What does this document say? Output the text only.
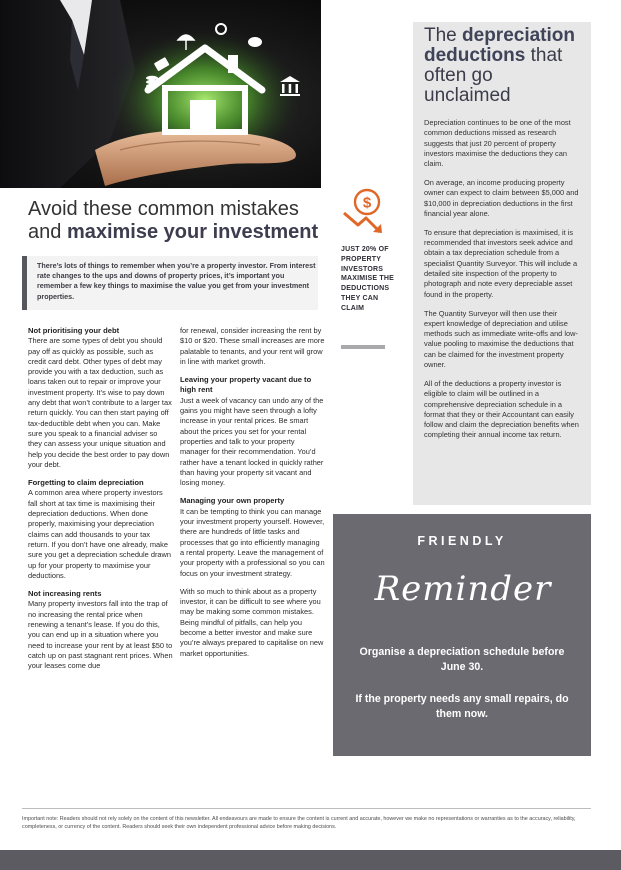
Avoid these common mistakes and maximise your investment

There’s lots of things to remember when you’re a property investor. From interest rate changes to the ups and downs of property prices, it’s important you remember a few key things to maximise the value you get from your investment properties.

Not prioritising your debt

There are some types of debt you should pay off as quickly as possible, such as credit card debt. Other types of debt may provide you with a tax deduction, such as loans taken out to repair or improve your investment property. It’s wise to pay down any debt that won’t contribute to a larger tax return quickly. You can then start paying off tax-deductible debt when you can. Make sure you speak to a financial adviser so they can assess your unique situation and help you decide the best order to pay down your debt.

Forgetting to claim depreciation

A common area where property investors fall short at tax time is maximising their depreciation deductions. When done properly, maximising your depreciation claims can add thousands to your tax return. If you don’t have one already, make sure you get a depreciation schedule drawn up for your property to maximise your deductions.

Not increasing rents

Many property investors fall into the trap of no increasing the rental price when renewing a tenant’s lease. If you do this, you can end up in a situation where you need to increase your rent by at least $50 to catch up on past stagnant rent prices. When your leases come due

for renewal, consider increasing the rent by $10 or $20. These small increases are more palatable to tenants, and your rent will grow in line with market growth.

Leaving your property vacant due to high rent

Just a week of vacancy can undo any of the gains you might have seen through a lofty increase in your rental prices. Be smart about the prices you set for your rental properties and talk to your property manager for their recommendation. You’d rather have a tenant locked in quickly rather than having your property sit vacant and losing money.

Managing your own property

It can be tempting to think you can manage your investment property yourself. However, there are hundreds of little tasks and processes that go into efficiently managing a rental property. Leave the management of your property with a professional so you can focus on your investment strategy.

With so much to think about as a property investor, it can be difficult to see where you may be making some common mistakes. Being mindful of pitfalls, can help you become a better investor and make sure you’re always prepared to capitalise on new market opportunities.

$
JUST 20% OF PROPERTY INVESTORS MAXIMISE THE DEDUCTIONS THEY CAN CLAIM
The depreciation deductions that often go unclaimed

Depreciation continues to be one of the most common deductions missed as research suggests that just 20 percent of property investors maximise the deductions they can claim.

On average, an income producing property owner can expect to claim between $5,000 and $10,000 in depreciation deductions in the first financial year alone.

To ensure that depreciation is maximised, it is recommended that investors seek advice and obtain a tax depreciation schedule from a specialist Quantity Surveyor. This will include a detailed site inspection of the property to photograph and note every depreciable asset found in the property.

The Quantity Surveyor will then use their expert knowledge of depreciation and utilise methods such as immediate write-offs and low-value pooling to maximise the deductions that can be claimed for the investment property owner.

All of the deductions a property investor is eligible to claim will be outlined in a comprehensive depreciation schedule in a format that they or their Accountant can easily follow and claim the depreciation benefits when completing their annual income tax return.

FRIENDLY
Reminder
Organise a depreciation schedule before June 30.
If the property needs any small repairs, do them now.

Important note: Readers should not rely solely on the content of this newsletter. All endeavours are made to ensure the content is current and accurate, however we make no representations or warranties as to the accuracy, reliability, completeness, or currency of the content. Readers should seek their own independent professional advice before making decisions.
